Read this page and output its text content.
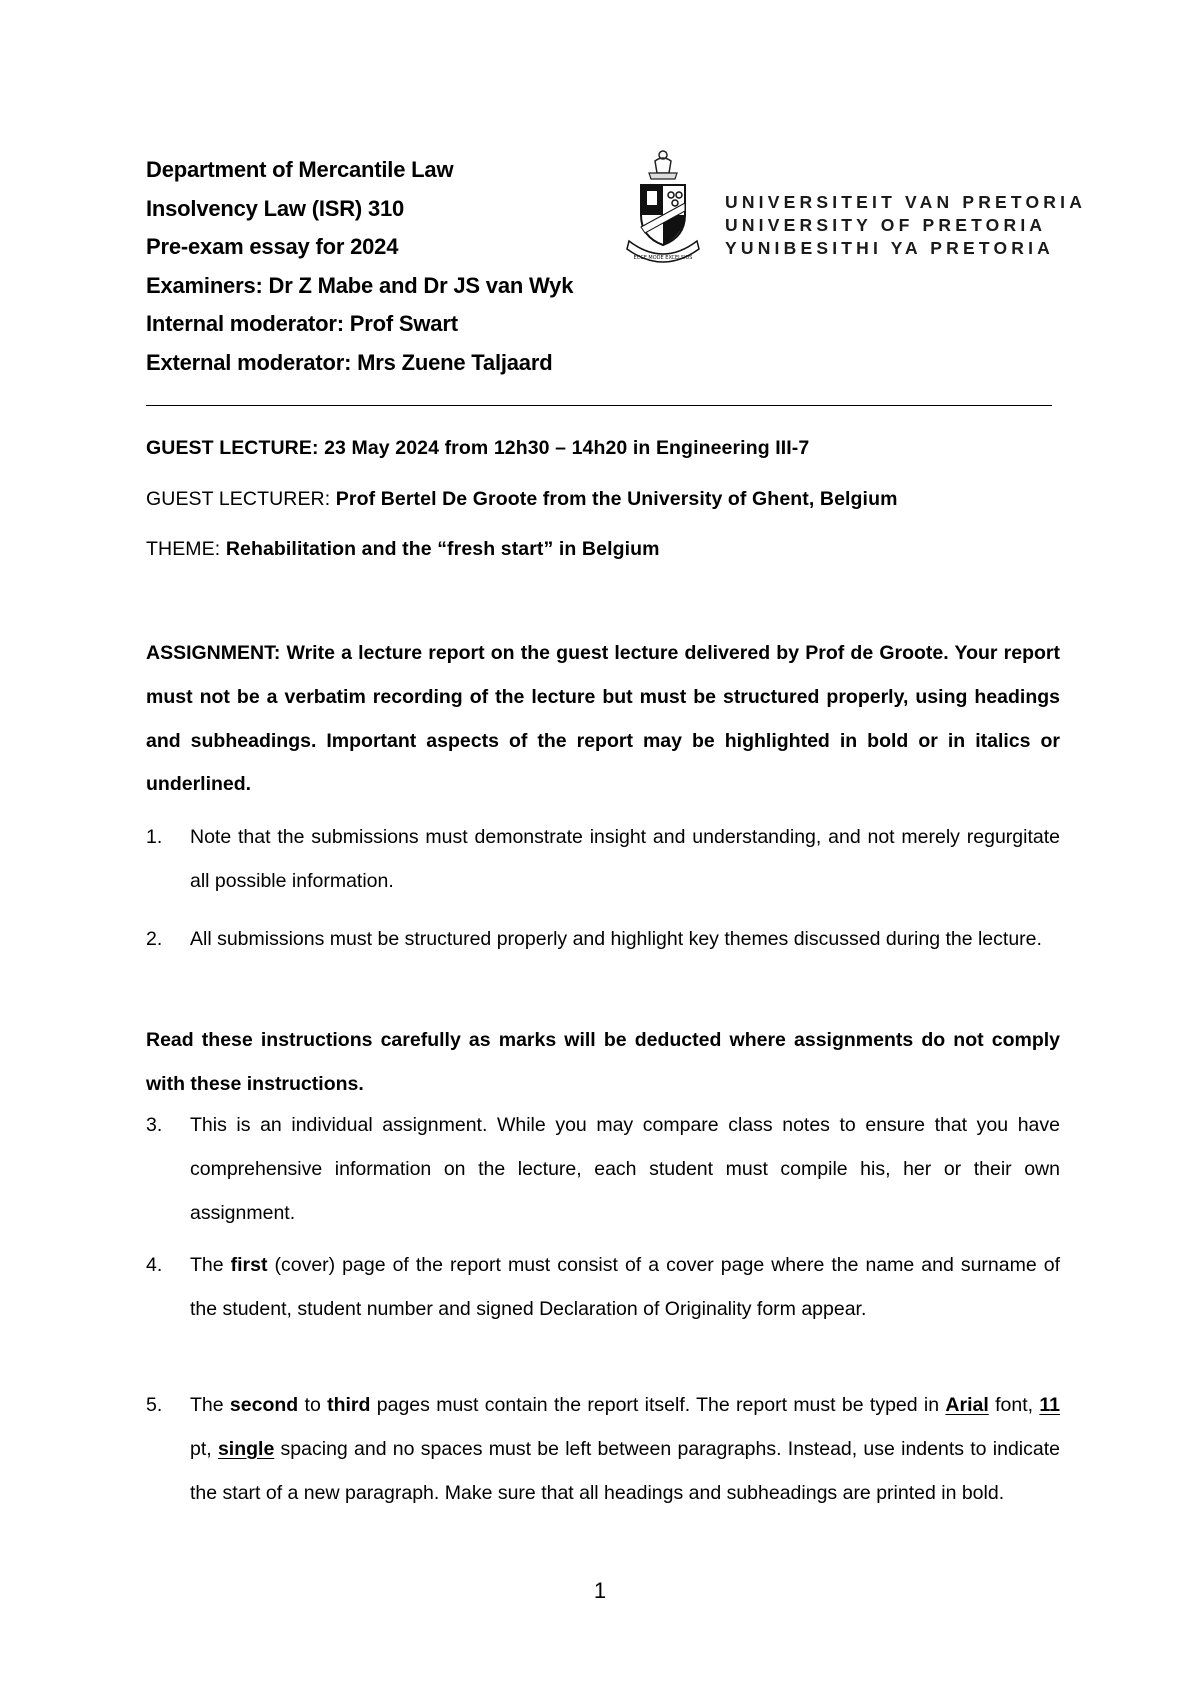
Department of Mercantile Law
Insolvency Law (ISR) 310
Pre-exam essay for 2024
Examiners: Dr Z Mabe and Dr JS van Wyk
Internal moderator: Prof Swart
External moderator: Mrs Zuene Taljaard
ECCE MODE EXCELSIUS
UNIVERSITEIT VAN PRETORIA
UNIVERSITY OF PRETORIA
YUNIBESITHI YA PRETORIA
GUEST LECTURE: 23 May 2024 from 12h30 – 14h20 in Engineering III-7
GUEST LECTURER: Prof Bertel De Groote from the University of Ghent, Belgium
THEME: Rehabilitation and the “fresh start” in Belgium
ASSIGNMENT: Write a lecture report on the guest lecture delivered by Prof de Groote. Your report must not be a verbatim recording of the lecture but must be structured properly, using headings and subheadings. Important aspects of the report may be highlighted in bold or in italics or underlined.
1.	Note that the submissions must demonstrate insight and understanding, and not merely regurgitate all possible information.
2.	All submissions must be structured properly and highlight key themes discussed during the lecture.
Read these instructions carefully as marks will be deducted where assignments do not comply with these instructions.
3.	This is an individual assignment. While you may compare class notes to ensure that you have comprehensive information on the lecture, each student must compile his, her or their own assignment.
4.	The first (cover) page of the report must consist of a cover page where the name and surname of the student, student number and signed Declaration of Originality form appear.
5.	The second to third pages must contain the report itself. The report must be typed in Arial font, 11 pt, single spacing and no spaces must be left between paragraphs. Instead, use indents to indicate the start of a new paragraph. Make sure that all headings and subheadings are printed in bold.
1
